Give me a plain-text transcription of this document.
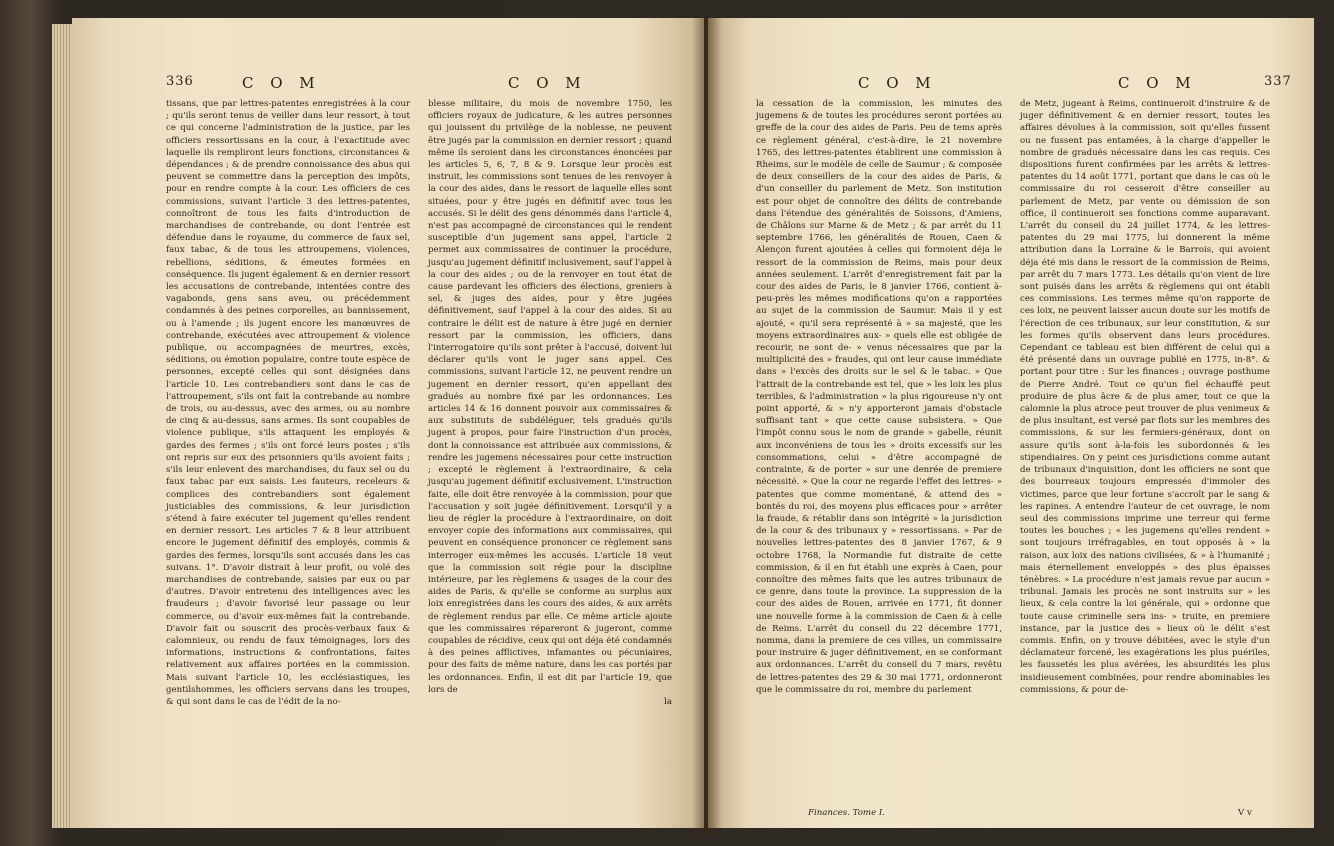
336	C O M	C O M

tissans, que par lettres-patentes enregistrées à la cour ; qu'ils seront tenus de veiller dans leur ressort, à tout ce qui concerne l'administration de la justice, par les officiers ressortissans en la cour, à l'exactitude avec laquelle ils rempliront leurs fonctions, circonstances & dépendances ; & de prendre connoissance des abus qui peuvent se commettre dans la perception des impôts, pour en rendre compte à la cour. Les officiers de ces commissions, suivant l'article 3 des lettres-patentes, connoîtront de tous les faits d'introduction de marchandises de contrebande, ou dont l'entrée est défendue dans le royaume, du commerce de faux sel, faux tabac, & de tous les attroupemens, violences, rebellions, séditions, & émeutes formées en conséquence. Ils jugent également & en dernier ressort les accusations de contrebande, intentées contre des vagabonds, gens sans aveu, ou précédemment condamnés à des peines corporelles, au bannissement, ou à l'amende ; ils jugent encore les manœuvres de contrebande, exécutées avec attroupement & violence publique, ou accompagnées de meurtres, excès, séditions, ou émotion populaire, contre toute espèce de personnes, excepté celles qui sont désignées dans l'article 10. Les contrebandiers sont dans le cas de l'attroupement, s'ils ont fait la contrebande au nombre de trois, ou au-dessus, avec des armes, ou au nombre de cinq & au-dessus, sans armes. Ils sont coupables de violence publique, s'ils attaquent les employés & gardes des fermes ; s'ils ont forcé leurs postes ; s'ils ont repris sur eux des prisonniers qu'ils avoient faits ; s'ils leur enlevent des marchandises, du faux sel ou du faux tabac par eux saisis. Les fauteurs, receleurs & complices des contrebandiers sont également justiciables des commissions, & leur jurisdiction s'étend à faire exécuter tel jugement qu'elles rendent en dernier ressort. Les articles 7 & 8 leur attribuent encore le jugement définitif des employés, commis & gardes des fermes, lorsqu'ils sont accusés dans les cas suivans. 1°. D'avoir distrait à leur profit, ou volé des marchandises de contrebande, saisies par eux ou par d'autres. D'avoir entretenu des intelligences avec les fraudeurs ; d'avoir favorisé leur passage ou leur commerce, ou d'avoir eux-mêmes fait la contrebande. D'avoir fait ou souscrit des procès-verbaux faux & calomnieux, ou rendu de faux témoignages, lors des informations, instructions & confrontations, faites relativement aux affaires portées en la commission. Mais suivant l'article 10, les ecclésiastiques, les gentilshommes, les officiers servans dans les troupes, & qui sont dans le cas de l'édit de la no-

blesse militaire, du mois de novembre 1750, les officiers royaux de judicature, & les autres personnes qui jouissent du privilège de la noblesse, ne peuvent être jugés par la commission en dernier ressort ; quand même ils seroient dans les circonstances énoncées par les articles 5, 6, 7, 8 & 9. Lorsque leur procès est instruit, les commissions sont tenues de les renvoyer à la cour des aides, dans le ressort de laquelle elles sont situées, pour y être jugés en définitif avec tous les accusés. Si le délit des gens dénommés dans l'article 4, n'est pas accompagné de circonstances qui le rendent susceptible d'un jugement sans appel, l'article 2 permet aux commissaires de continuer la procédure, jusqu'au jugement définitif inclusivement, sauf l'appel à la cour des aides ; ou de la renvoyer en tout état de cause pardevant les officiers des élections, greniers à sel, & juges des aides, pour y être jugées définitivement, sauf l'appel à la cour des aides. Si au contraire le délit est de nature à être jugé en dernier ressort par la commission, les officiers, dans l'interrogatoire qu'ils sont prêter à l'accusé, doivent lui déclarer qu'ils vont le juger sans appel. Ces commissions, suivant l'article 12, ne peuvent rendre un jugement en dernier ressort, qu'en appellant des gradués au nombre fixé par les ordonnances. Les articles 14 & 16 donnent pouvoir aux commissaires & aux substituts de subdéléguer, tels gradués qu'ils jugent à propos, pour faire l'instruction d'un procès, dont la connoissance est attribuée aux commissions, & rendre les jugemens nécessaires pour cette instruction ; excepté le règlement à l'extraordinaire, & cela jusqu'au jugement définitif exclusivement. L'instruction faite, elle doit être renvoyée à la commission, pour que l'accusation y soit jugée définitivement. Lorsqu'il y a lieu de régler la procédure à l'extraordinaire, on doit envoyer copie des informations aux commissaires, qui peuvent en conséquence prononcer ce règlement sans interroger eux-mêmes les accusés. L'article 18 veut que la commission soit régie pour la discipline intérieure, par les règlemens & usages de la cour des aides de Paris, & qu'elle se conforme au surplus aux loix enregistrées dans les cours des aides, & aux arrêts de règlement rendus par elle. Ce même article ajoute que les commissaires répareront & jugeront, comme coupables de récidive, ceux qui ont déja été condamnés à des peines afflictives, infamantes ou pécuniaires, pour des faits de même nature, dans les cas portés par les ordonnances. Enfin, il est dit par l'article 19, que lors de

la

C O M	C O M	337

la cessation de la commission, les minutes des jugemens & de toutes les procédures seront portées au greffe de la cour des aides de Paris. Peu de tems après ce règlement général, c'est-à-dire, le 21 novembre 1765, des lettres-patentes établirent une commission à Rheims, sur le modèle de celle de Saumur ; & composée de deux conseillers de la cour des aides de Paris, & d'un conseiller du parlement de Metz. Son institution est pour objet de connoître des délits de contrebande dans l'étendue des généralités de Soissons, d'Amiens, de Châlons sur Marne & de Metz ; & par arrêt du 11 septembre 1766, les généralités de Rouen, Caen & Alençon furent ajoutées à celles qui formoient déja le ressort de la commission de Reims, mais pour deux années seulement. L'arrêt d'enregistrement fait par la cour des aides de Paris, le 8 janvier 1766, contient à-peu-près les mêmes modifications qu'on a rapportées au sujet de la commission de Saumur. Mais il y est ajouté, « qu'il sera représenté à » sa majesté, que les moyens extraordinaires aux- » quels elle est obligée de recourir, ne sont de- » venus nécessaires que par la multiplicité des » fraudes, qui ont leur cause immédiate dans » l'excès des droits sur le sel & le tabac. » Que l'attrait de la contrebande est tel, que » les loix les plus terribles, & l'administration » la plus rigoureuse n'y ont point apporté, & » n'y apporteront jamais d'obstacle suffisant tant » que cette cause subsistera. » Que l'impôt connu sous le nom de grande » gabelle, réunit aux inconvéniens de tous les » droits excessifs sur les consommations, celui » d'être accompagné de contrainte, & de porter » sur une denrée de premiere nécessité. » Que la cour ne regarde l'effet des lettres- » patentes que comme momentané, & attend des » bontés du roi, des moyens plus efficaces pour » arrêter la fraude, & rétablir dans son intégrité » la jurisdiction de la cour & des tribunaux y » ressortissans. » Par de nouvelles lettres-patentes des 8 janvier 1767, & 9 octobre 1768, la Normandie fut distraite de cette commission, & il en fut établi une exprès à Caen, pour connoître des mêmes faits que les autres tribunaux de ce genre, dans toute la province. La suppression de la cour des aides de Rouen, arrivée en 1771, fit donner une nouvelle forme à la commission de Caen & à celle de Reims. L'arrêt du conseil du 22 décembre 1771, nomma, dans la premiere de ces villes, un commissaire pour instruire & juger définitivement, en se conformant aux ordonnances. L'arrêt du conseil du 7 mars, revêtu de lettres-patentes des 29 & 30 mai 1771, ordonneront que le commissaire du roi, membre du parlement

Finances. Tome I.

de Metz, jugeant à Reims, continueroit d'instruire & de juger définitivement & en dernier ressort, toutes les affaires dévolues à la commission, soit qu'elles fussent ou ne fussent pas entamées, à la charge d'appeller le nombre de gradués nécessaire dans les cas requis. Ces dispositions furent confirmées par les arrêts & lettres-patentes du 14 août 1771, portant que dans le cas où le commissaire du roi cesseroit d'être conseiller au parlement de Metz, par vente ou démission de son office, il continueroit ses fonctions comme auparavant. L'arrêt du conseil du 24 juillet 1774, & les lettres-patentes du 29 mai 1775, lui donnerent la même attribution dans la Lorraine & le Barrois, qui avoient déja été mis dans le ressort de la commission de Reims, par arrêt du 7 mars 1773. Les détails qu'on vient de lire sont puisés dans les arrêts & règlemens qui ont établi ces commissions. Les termes même qu'on rapporte de ces loix, ne peuvent laisser aucun doute sur les motifs de l'érection de ces tribunaux, sur leur constitution, & sur les formes qu'ils observent dans leurs procédures. Cependant ce tableau est bien différent de celui qui a été présenté dans un ouvrage publié en 1775, in-8°. & portant pour titre : Sur les finances ; ouvrage posthume de Pierre André. Tout ce qu'un fiel échauffé peut produire de plus âcre & de plus amer, tout ce que la calomnie la plus atroce peut trouver de plus venimeux & de plus insultant, est versé par flots sur les membres des commissions, & sur les fermiers-généraux, dont on assure qu'ils sont à-la-fois les subordonnés & les stipendiaires. On y peint ces jurisdictions comme autant de tribunaux d'inquisition, dont les officiers ne sont que des bourreaux toujours empressés d'immoler des victimes, parce que leur fortune s'accroît par le sang & les rapines. A entendre l'auteur de cet ouvrage, le nom seul des commissions imprime une terreur qui ferme toutes les bouches ; « les jugemens qu'elles rendent » sont toujours irréfragables, en tout opposés à » la raison, aux loix des nations civilisées, & » à l'humanité ; mais éternellement enveloppés » des plus épaisses ténèbres. » La procédure n'est jamais revue par aucun » tribunal. Jamais les procès ne sont instruits sur » les lieux, & cela contre la loi générale, qui » ordonne que toute cause criminelle sera ins- » truite, en premiere instance, par la justice des » lieux où le délit s'est commis. Enfin, on y trouve débitées, avec le style d'un déclamateur forcené, les exagérations les plus puériles, les faussetés les plus avérées, les absurdités les plus insidieusement combinées, pour rendre abominables les commissions, & pour de-

V v
